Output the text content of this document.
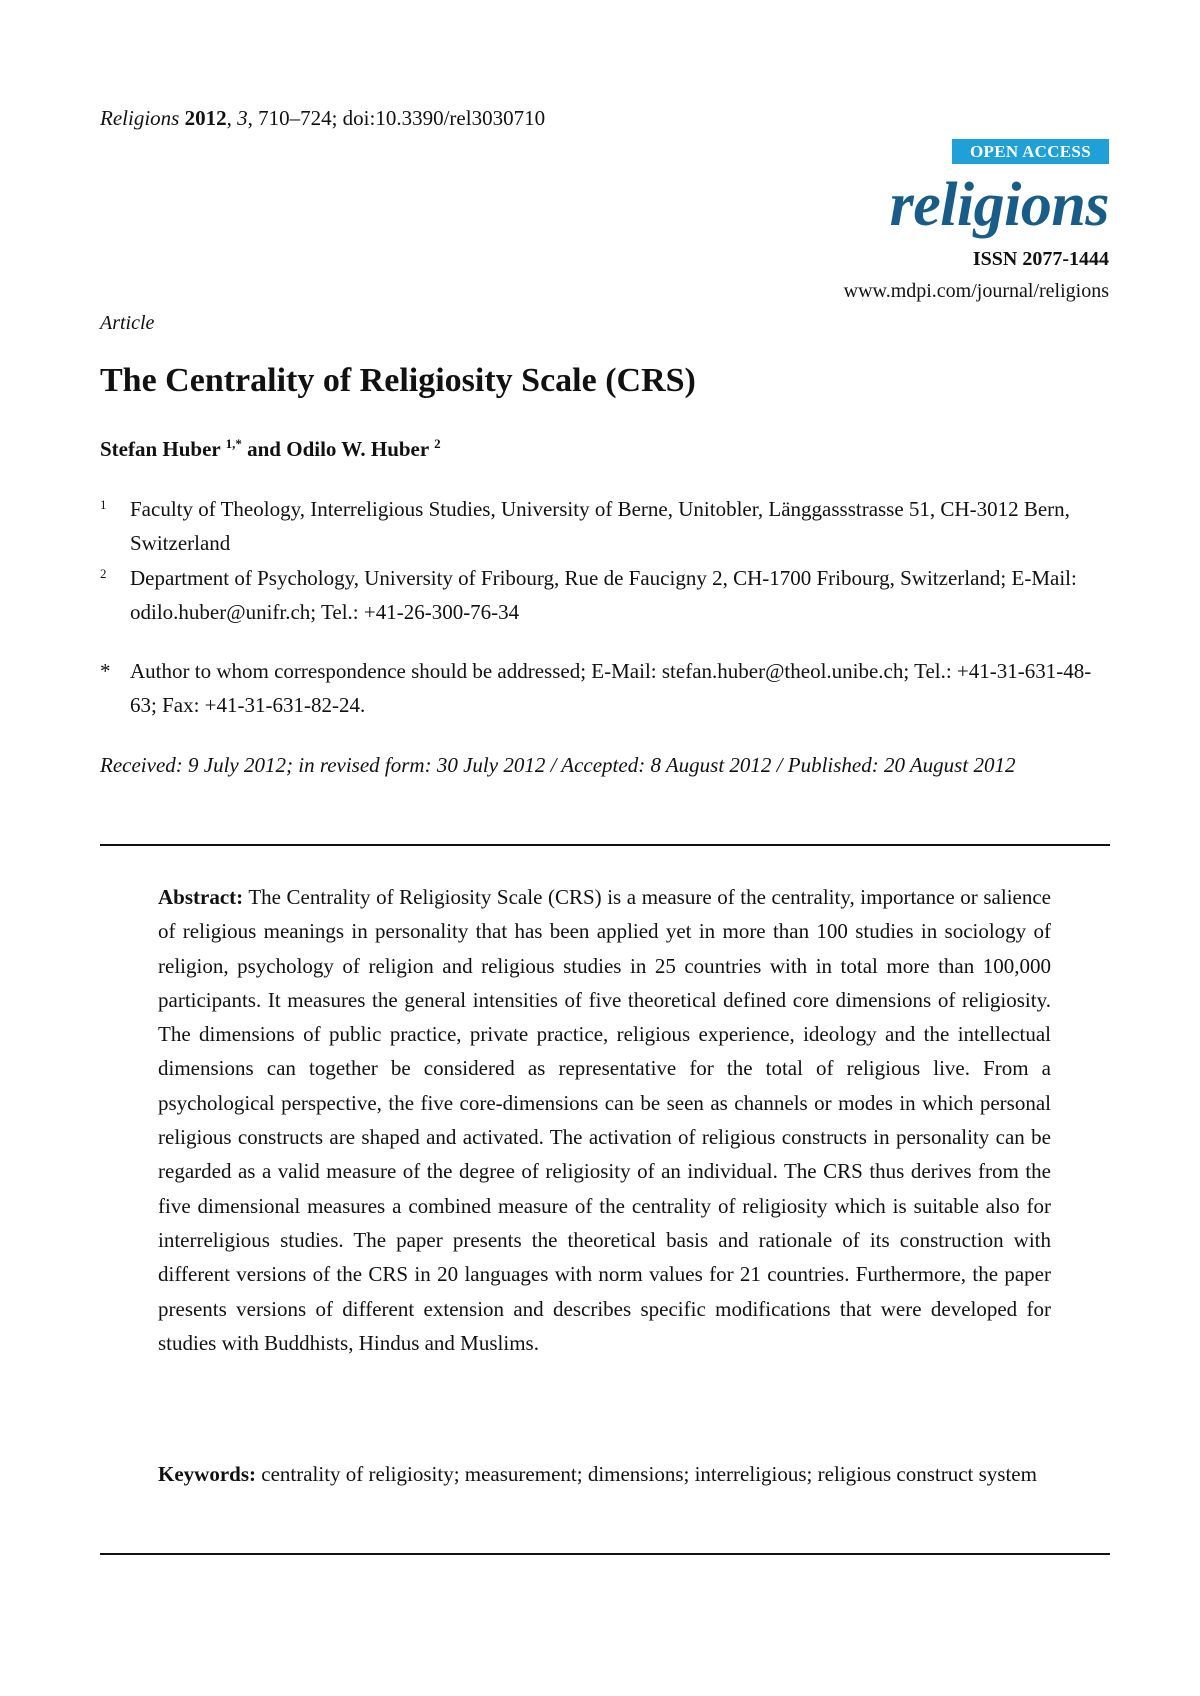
Religions 2012, 3, 710–724; doi:10.3390/rel3030710
OPEN ACCESS
religions
ISSN 2077-1444
www.mdpi.com/journal/religions
Article
The Centrality of Religiosity Scale (CRS)
Stefan Huber $^{1,*}$ and Odilo W. Huber $^2$
1 Faculty of Theology, Interreligious Studies, University of Berne, Unitobler, Länggassstrasse 51, CH-3012 Bern, Switzerland
2 Department of Psychology, University of Fribourg, Rue de Faucigny 2, CH-1700 Fribourg, Switzerland; E-Mail: odilo.huber@unifr.ch; Tel.: +41-26-300-76-34
* Author to whom correspondence should be addressed; E-Mail: stefan.huber@theol.unibe.ch; Tel.: +41-31-631-48-63; Fax: +41-31-631-82-24.
Received: 9 July 2012; in revised form: 30 July 2012 / Accepted: 8 August 2012 / Published: 20 August 2012
Abstract: The Centrality of Religiosity Scale (CRS) is a measure of the centrality, importance or salience of religious meanings in personality that has been applied yet in more than 100 studies in sociology of religion, psychology of religion and religious studies in 25 countries with in total more than 100,000 participants. It measures the general intensities of five theoretical defined core dimensions of religiosity. The dimensions of public practice, private practice, religious experience, ideology and the intellectual dimensions can together be considered as representative for the total of religious live. From a psychological perspective, the five core-dimensions can be seen as channels or modes in which personal religious constructs are shaped and activated. The activation of religious constructs in personality can be regarded as a valid measure of the degree of religiosity of an individual. The CRS thus derives from the five dimensional measures a combined measure of the centrality of religiosity which is suitable also for interreligious studies. The paper presents the theoretical basis and rationale of its construction with different versions of the CRS in 20 languages with norm values for 21 countries. Furthermore, the paper presents versions of different extension and describes specific modifications that were developed for studies with Buddhists, Hindus and Muslims.
Keywords: centrality of religiosity; measurement; dimensions; interreligious; religious construct system
